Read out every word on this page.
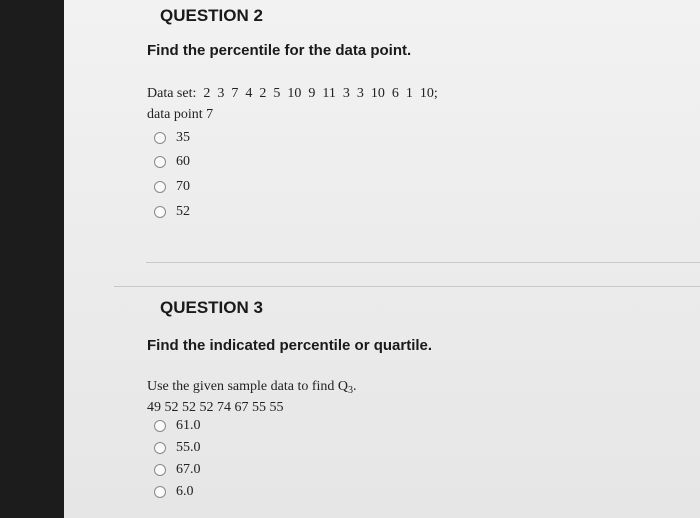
QUESTION 2
Find the percentile for the data point.
Data set:  2  3  7  4  2  5  10  9  11  3  3  10  6  1  10;
data point 7
35
60
70
52
QUESTION 3
Find the indicated percentile or quartile.
Use the given sample data to find $Q_3$.
49 52 52 52 74 67 55 55
61.0
55.0
67.0
6.0
